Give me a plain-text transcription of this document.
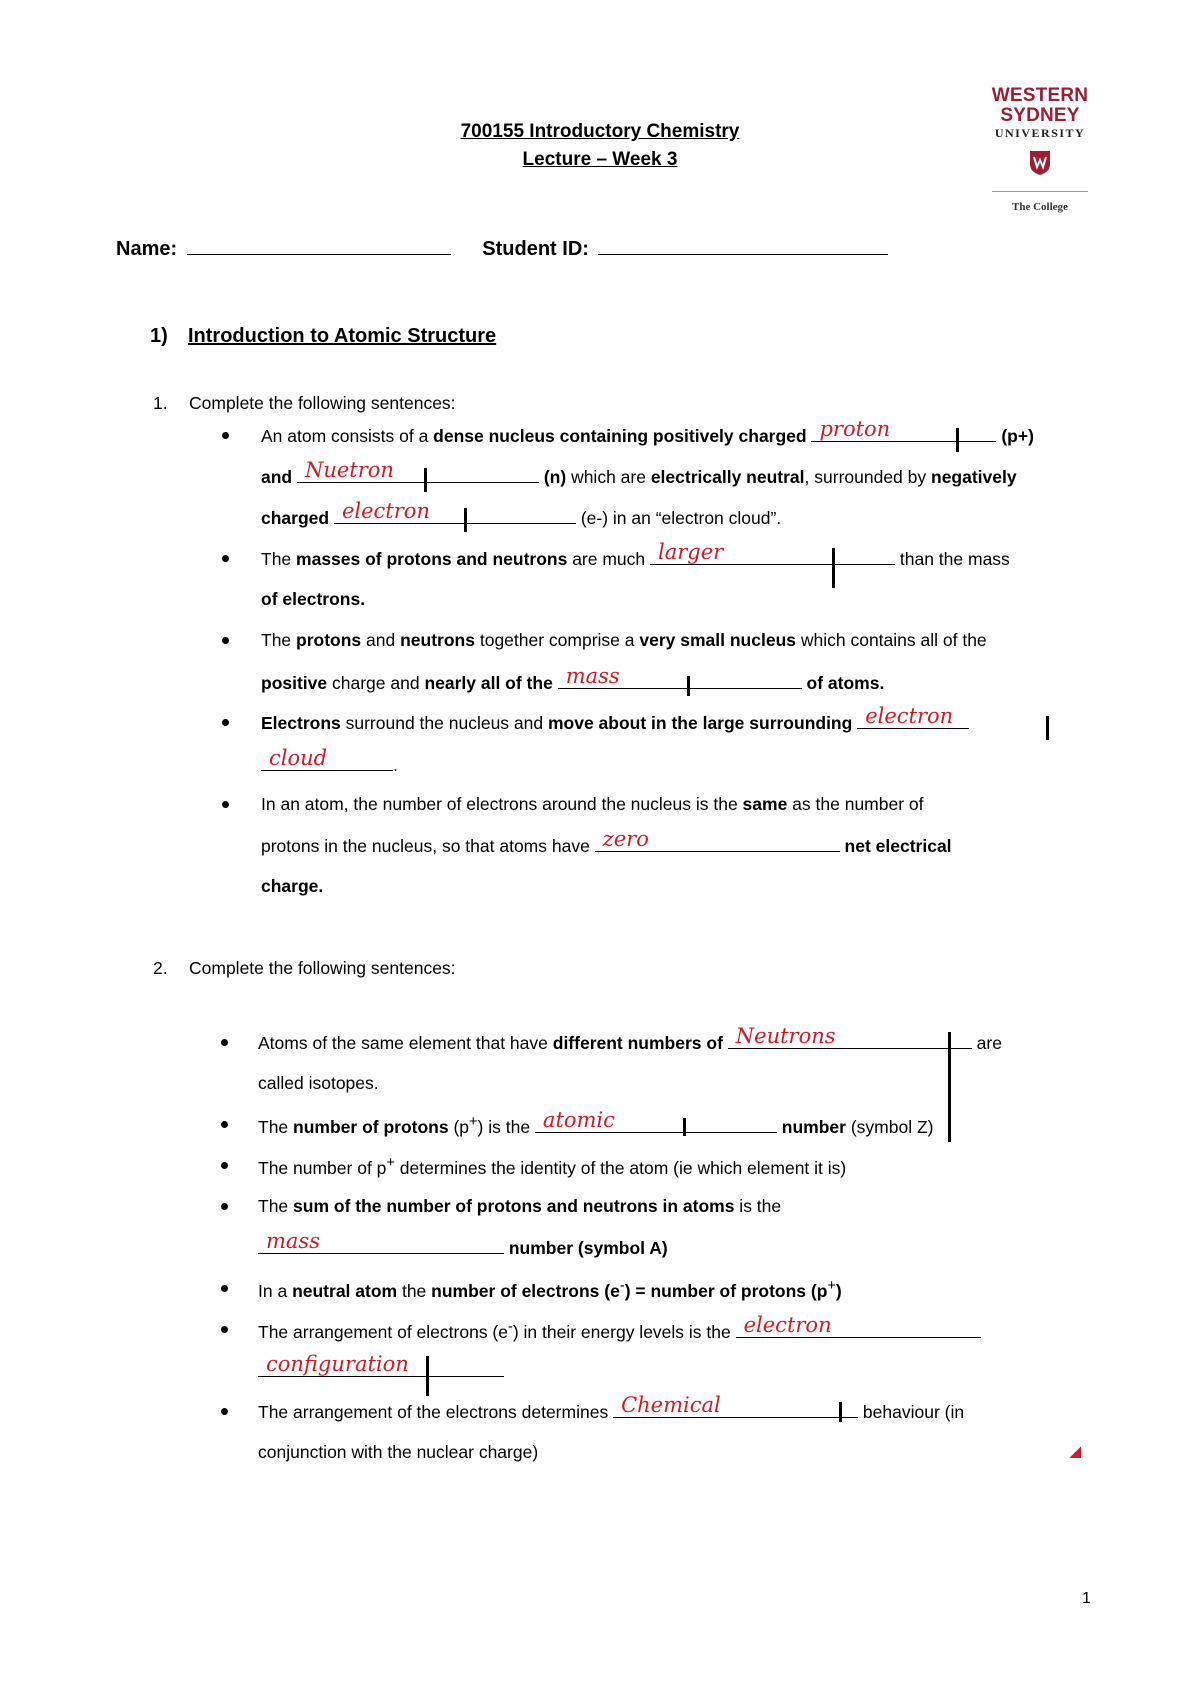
WESTERN SYDNEY
UNIVERSITY
The College
700155 Introductory Chemistry
Lecture – Week 3
Name:	Student ID:
1) Introduction to Atomic Structure
1. Complete the following sentences:
An atom consists of a dense nucleus containing positively charged proton	(p+)
and Nuetron	(n) which are electrically neutral, surrounded by negatively
charged electron	(e-) in an “electron cloud”.
The masses of protons and neutrons are much larger	than the mass
of electrons.
The protons and neutrons together comprise a very small nucleus which contains all of the
positive charge and nearly all of the mass	of atoms.
Electrons surround the nucleus and move about in the large surrounding electron
cloud	.
In an atom, the number of electrons around the nucleus is the same as the number of
protons in the nucleus, so that atoms have zero	net electrical
charge.
2. Complete the following sentences:
Atoms of the same element that have different numbers of Neutrons	are
called isotopes.
The number of protons (p+) is the atomic	number (symbol Z)
The number of p+ determines the identity of the atom (ie which element it is)
The sum of the number of protons and neutrons in atoms is the
mass	number (symbol A)
In a neutral atom the number of electrons (e-) = number of protons (p+)
The arrangement of electrons (e-) in their energy levels is the electron
configuration
The arrangement of the electrons determines Chemical	behaviour (in
conjunction with the nuclear charge)	◢
1
